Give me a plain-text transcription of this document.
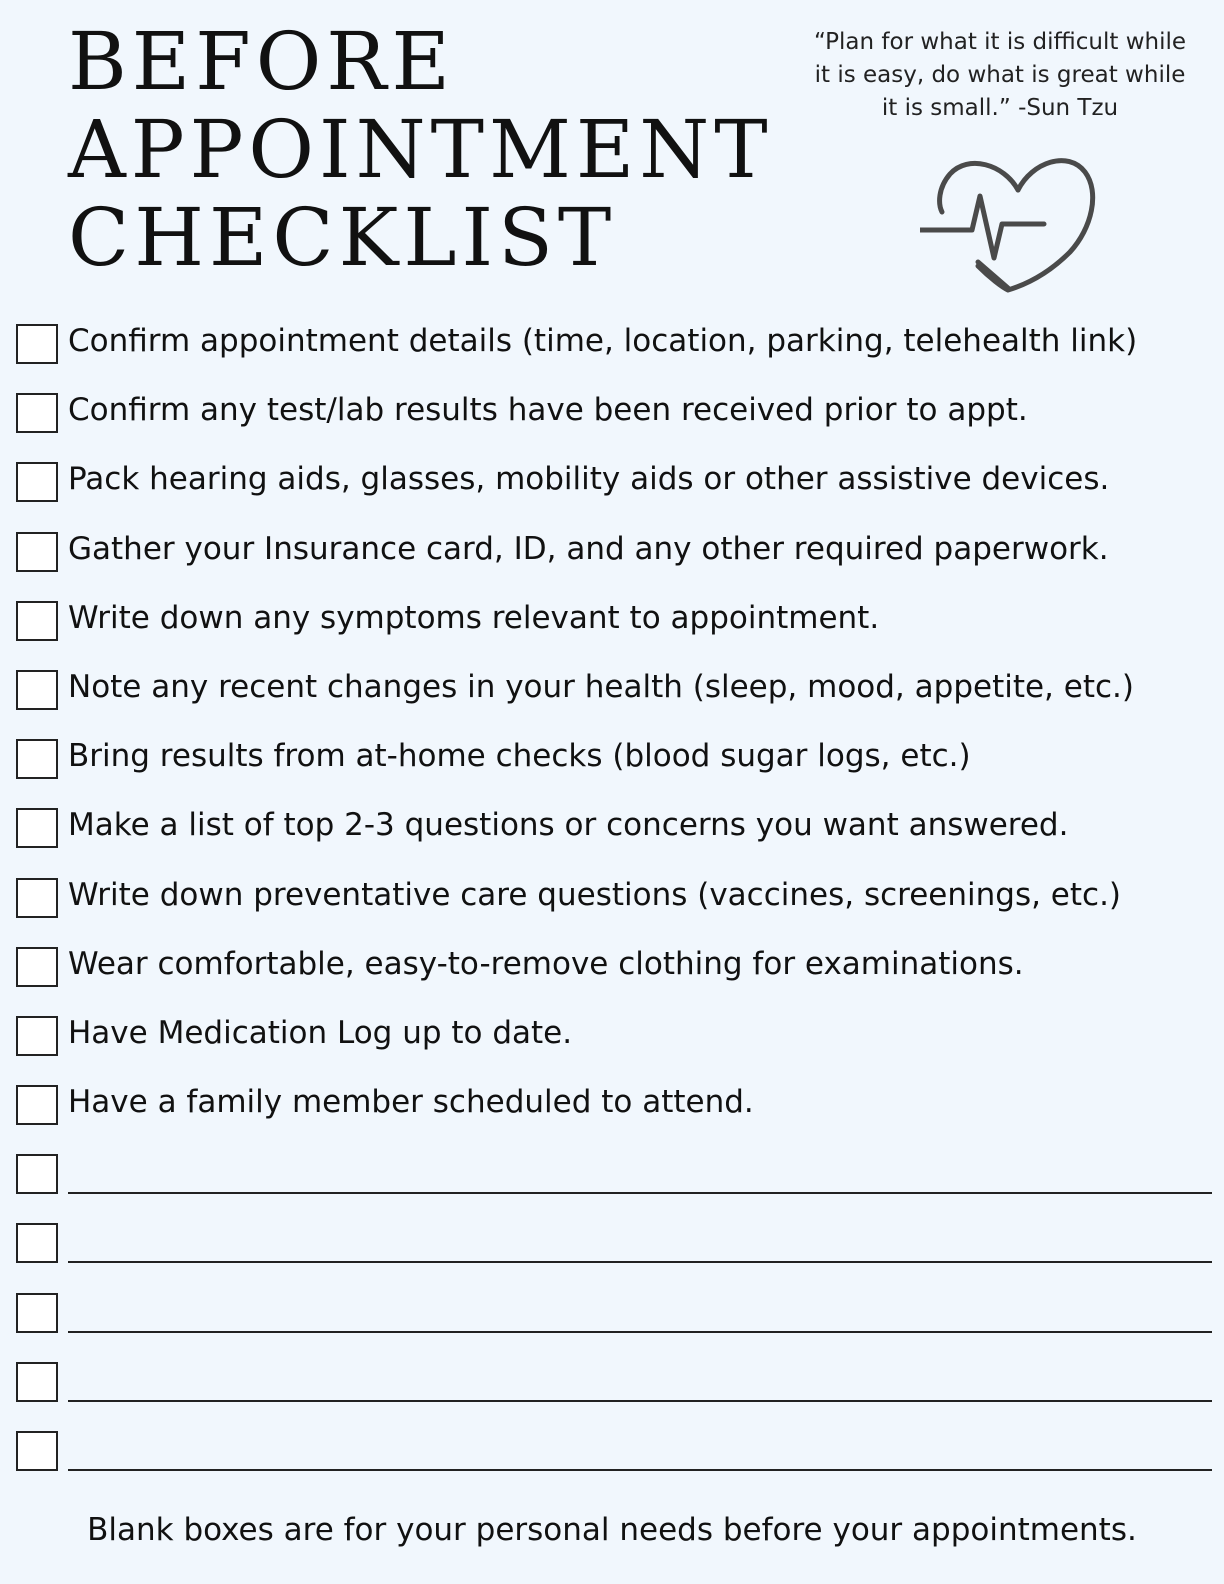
BEFORE
APPOINTMENT
CHECKLIST
“Plan for what it is difficult while
it is easy, do what is great while
it is small.” -Sun Tzu
Confirm appointment details (time, location, parking, telehealth link)
Confirm any test/lab results have been received prior to appt.
Pack hearing aids, glasses, mobility aids or other assistive devices.
Gather your Insurance card, ID, and any other required paperwork.
Write down any symptoms relevant to appointment.
Note any recent changes in your health (sleep, mood, appetite, etc.)
Bring results from at-home checks (blood sugar logs, etc.)
Make a list of top 2-3 questions or concerns you want answered.
Write down preventative care questions (vaccines, screenings, etc.)
Wear comfortable, easy-to-remove clothing for examinations.
Have Medication Log up to date.
Have a family member scheduled to attend.
Blank boxes are for your personal needs before your appointments.
